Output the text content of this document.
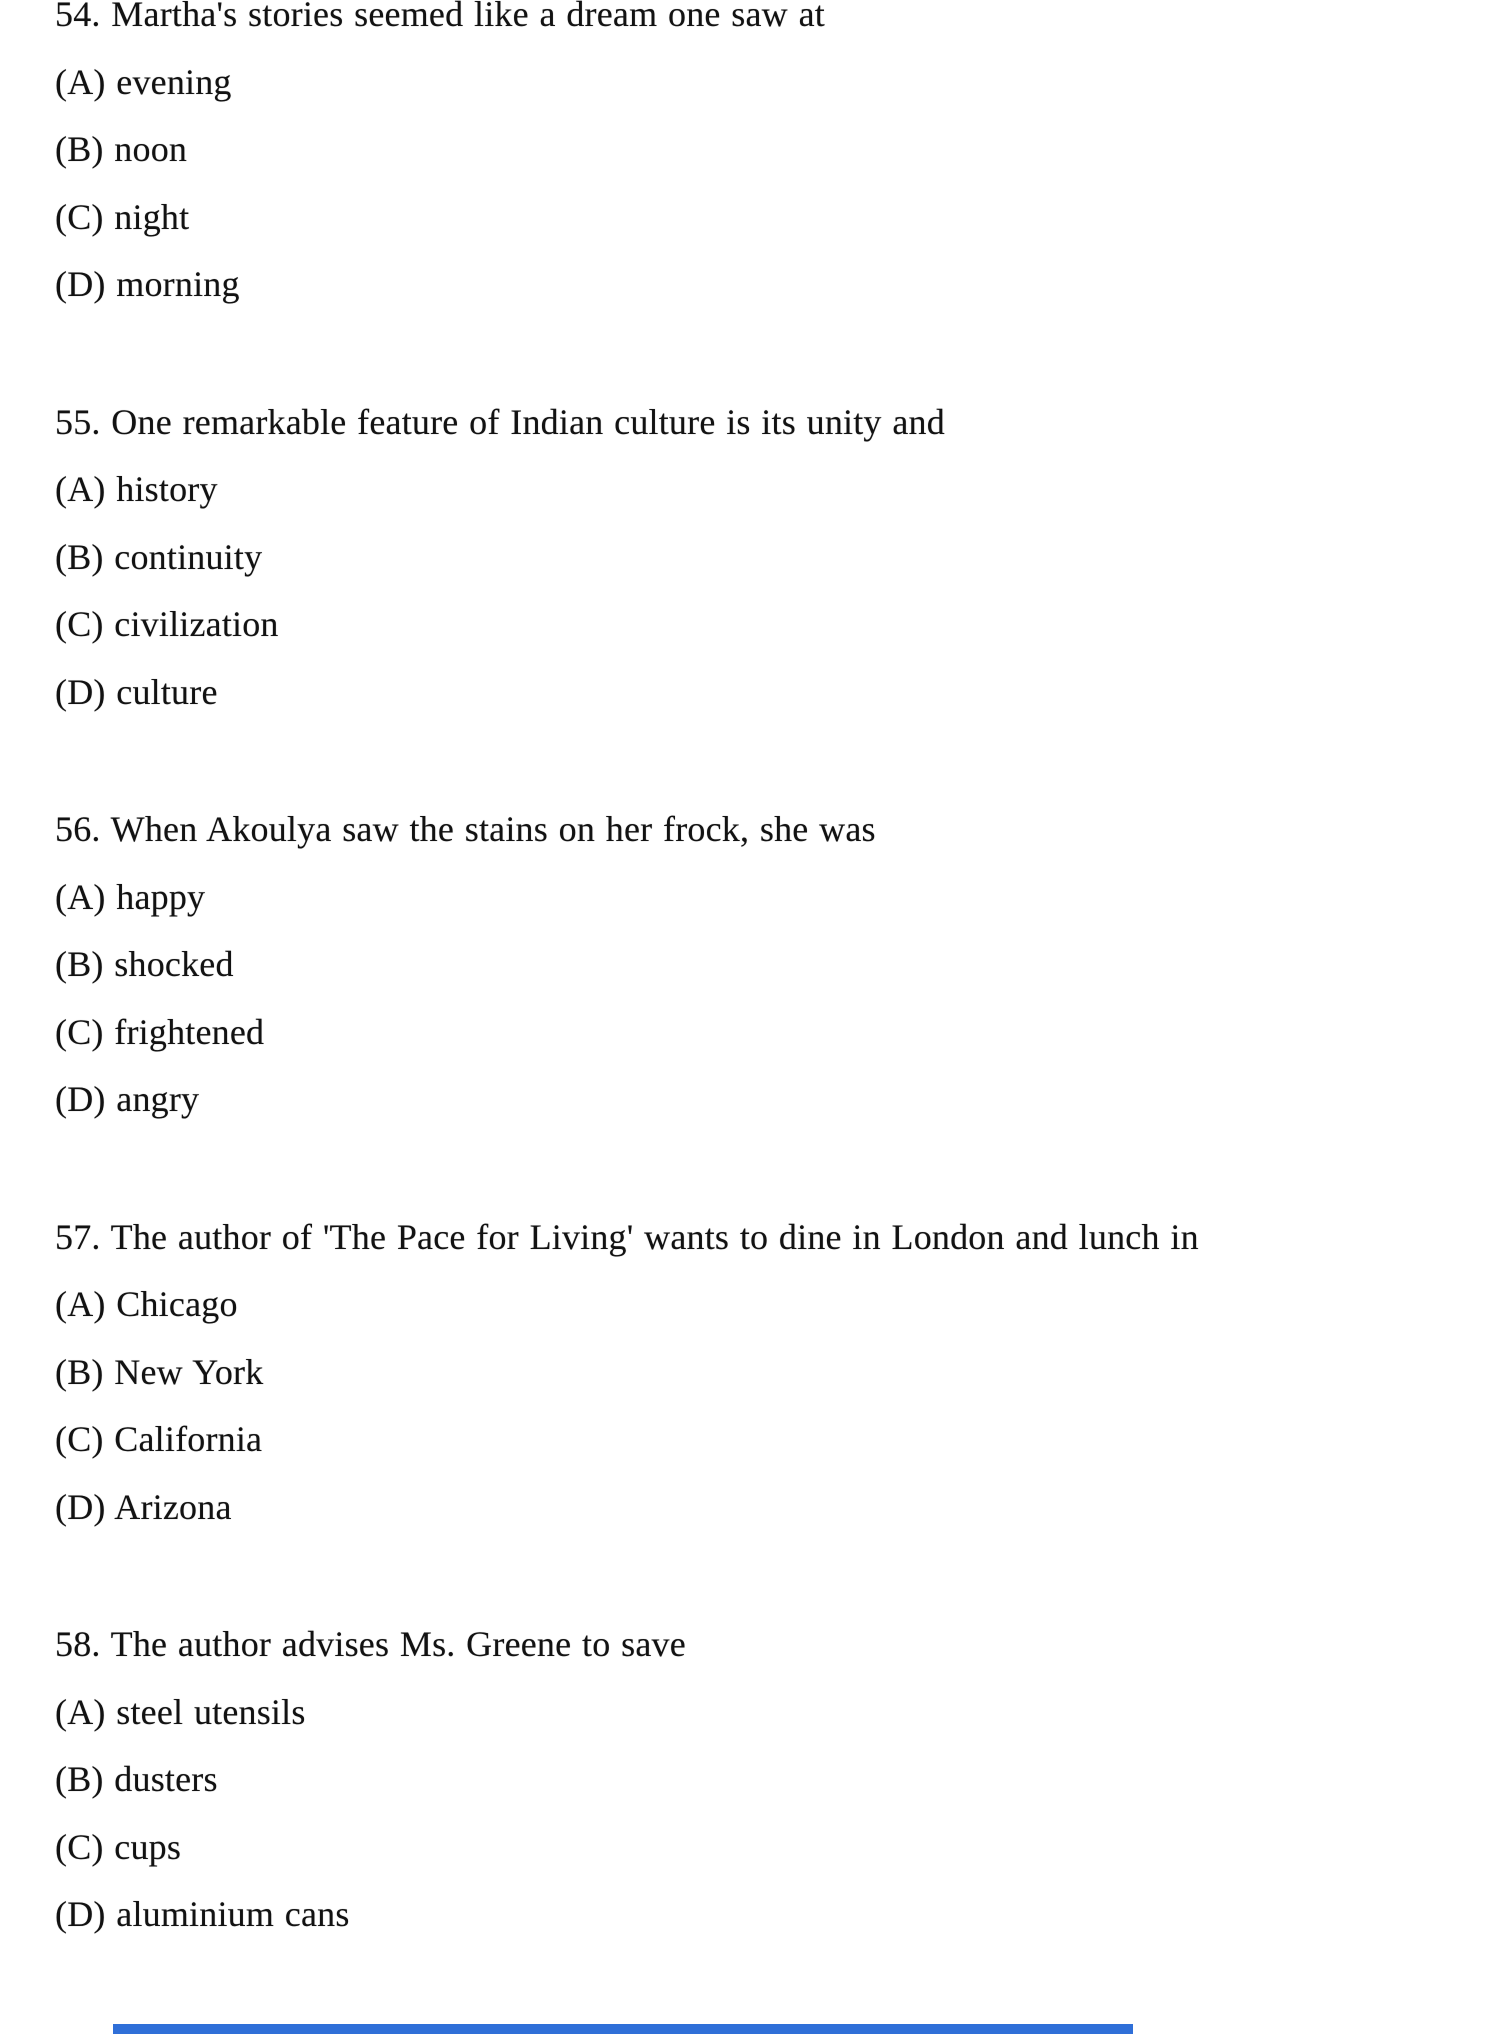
54. Martha's stories seemed like a dream one saw at
(A) evening
(B) noon
(C) night
(D) morning
55. One remarkable feature of Indian culture is its unity and
(A) history
(B) continuity
(C) civilization
(D) culture
56. When Akoulya saw the stains on her frock, she was
(A) happy
(B) shocked
(C) frightened
(D) angry
57. The author of 'The Pace for Living' wants to dine in London and lunch in
(A) Chicago
(B) New York
(C) California
(D) Arizona
58. The author advises Ms. Greene to save
(A) steel utensils
(B) dusters
(C) cups
(D) aluminium cans
